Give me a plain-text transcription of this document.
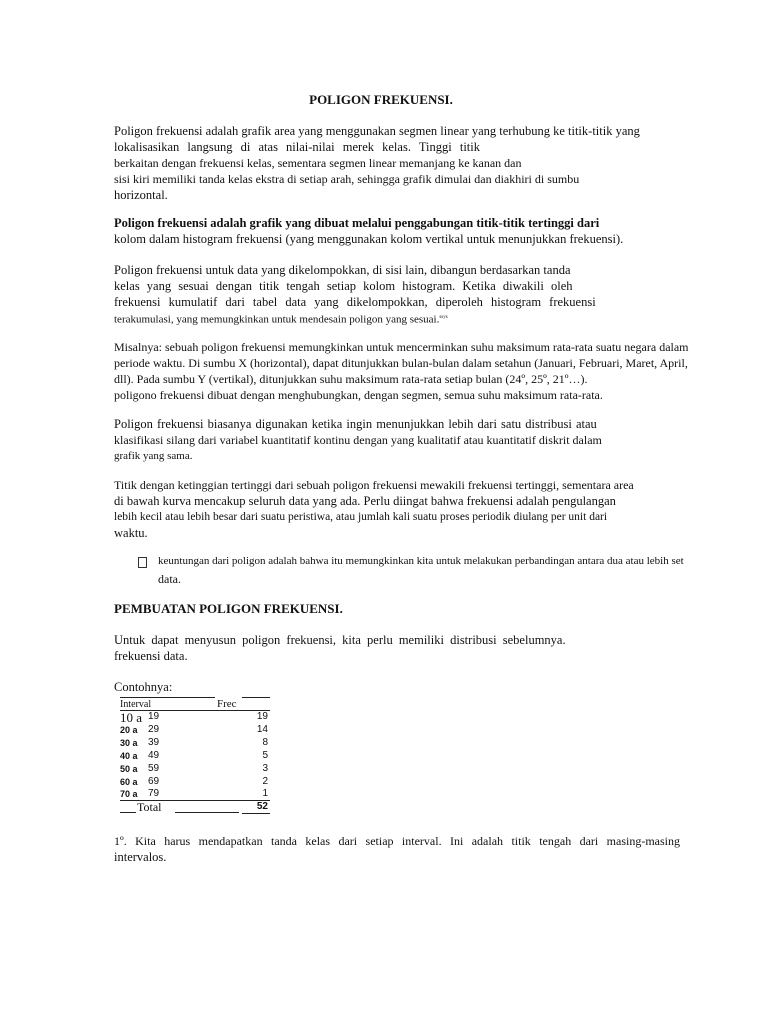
POLIGON FREKUENSI.
Poligon frekuensi adalah grafik area yang menggunakan segmen linear yang terhubung ke titik-titik yang
lokalisasikan langsung di atas nilai-nilai merek kelas. Tinggi titik
berkaitan dengan frekuensi kelas, sementara segmen linear memanjang ke kanan dan
sisi kiri memiliki tanda kelas ekstra di setiap arah, sehingga grafik dimulai dan diakhiri di sumbu
horizontal.
Poligon frekuensi adalah grafik yang dibuat melalui penggabungan titik-titik tertinggi dari
kolom dalam histogram frekuensi (yang menggunakan kolom vertikal untuk menunjukkan frekuensi).
Poligon frekuensi untuk data yang dikelompokkan, di sisi lain, dibangun berdasarkan tanda
kelas yang sesuai dengan titik tengah setiap kolom histogram. Ketika diwakili oleh
frekuensi kumulatif dari tabel data yang dikelompokkan, diperoleh histogram frekuensi
terakumulasi, yang memungkinkan untuk mendesain poligon yang sesuai.$^{ssys}$
Misalnya: sebuah poligon frekuensi memungkinkan untuk mencerminkan suhu maksimum rata-rata suatu negara dalam
periode waktu. Di sumbu X (horizontal), dapat ditunjukkan bulan-bulan dalam setahun (Januari, Februari, Maret, April,
dll). Pada sumbu Y (vertikal), ditunjukkan suhu maksimum rata-rata setiap bulan (24º, 25º, 21º…).
poligono frekuensi dibuat dengan menghubungkan, dengan segmen, semua suhu maksimum rata-rata.
Poligon frekuensi biasanya digunakan ketika ingin menunjukkan lebih dari satu distribusi atau
klasifikasi silang dari variabel kuantitatif kontinu dengan yang kualitatif atau kuantitatif diskrit dalam
grafik yang sama.
Titik dengan ketinggian tertinggi dari sebuah poligon frekuensi mewakili frekuensi tertinggi, sementara area
di bawah kurva mencakup seluruh data yang ada. Perlu diingat bahwa frekuensi adalah pengulangan
lebih kecil atau lebih besar dari suatu peristiwa, atau jumlah kali suatu proses periodik diulang per unit dari
waktu.
keuntungan dari poligon adalah bahwa itu memungkinkan kita untuk melakukan perbandingan antara dua atau lebih set
data.
PEMBUATAN POLIGON FREKUENSI.
Untuk dapat menyusun poligon frekuensi, kita perlu memiliki distribusi sebelumnya.
frekuensi data.
Contohnya:
Interval	Frec
10 a 19	19
20 a 29	14
30 a 39	8
40 a 49	5
50 a 59	3
60 a 69	2
70 a 79	1
Total	52
1º. Kita harus mendapatkan tanda kelas dari setiap interval. Ini adalah titik tengah dari masing-masing
intervalos.
